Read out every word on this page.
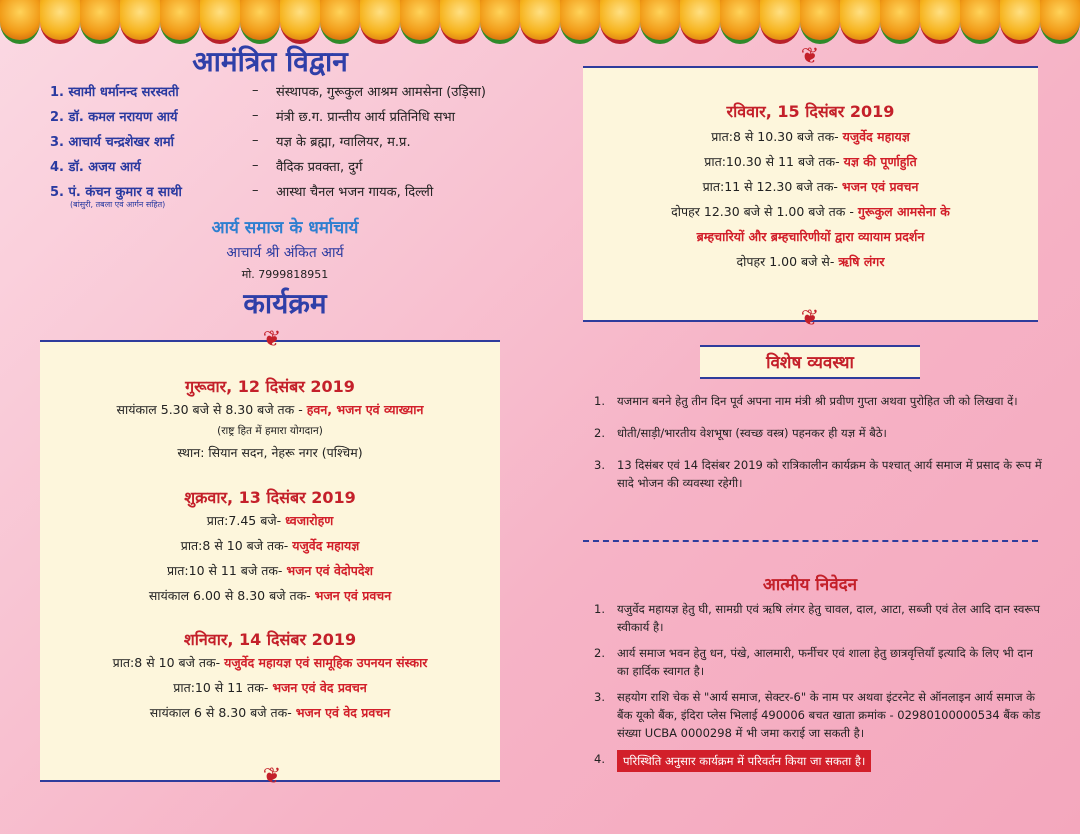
आमंत्रित विद्वान
1. स्वामी धर्मानन्द सरस्वती	–	संस्थापक, गुरूकुल आश्रम आमसेना (उड़िसा)
2. डॉ. कमल नरायण आर्य	–	मंत्री छ.ग. प्रान्तीय आर्य प्रतिनिधि सभा
3. आचार्य चन्द्रशेखर शर्मा	–	यज्ञ के ब्रह्मा, ग्वालियर, म.प्र.
4. डॉ. अजय आर्य	–	वैदिक प्रवक्ता, दुर्ग
5. पं. कंचन कुमार व साथी	–	आस्था चैनल भजन गायक, दिल्ली
(बांसुरी, तबला एवं आर्गन सहित)
आर्य समाज के धर्माचार्य
आचार्य श्री अंकित आर्य
मो. 7999818951
कार्यक्रम
❦
❦
गुरूवार, 12 दिसंबर 2019
सायंकाल 5.30 बजे से 8.30 बजे तक - हवन, भजन एवं व्याख्यान
(राष्ट्र हित में हमारा योगदान)
स्थान: सियान सदन, नेहरू नगर (पश्चिम)
शुक्रवार, 13 दिसंबर 2019
प्रात:7.45 बजे- ध्वजारोहण
प्रात:8 से 10 बजे तक- यजुर्वेद महायज्ञ
प्रात:10 से 11 बजे तक- भजन एवं वेदोपदेश
सायंकाल 6.00 से 8.30 बजे तक- भजन एवं प्रवचन
शनिवार, 14 दिसंबर 2019
प्रात:8 से 10 बजे तक- यजुर्वेद महायज्ञ एवं सामूहिक उपनयन संस्कार
प्रात:10 से 11 तक- भजन एवं वेद प्रवचन
सायंकाल 6 से 8.30 बजे तक- भजन एवं वेद प्रवचन
❦
❦
रविवार, 15 दिसंबर 2019
प्रात:8 से 10.30 बजे तक- यजुर्वेद महायज्ञ
प्रात:10.30 से 11 बजे तक- यज्ञ की पूर्णाहुति
प्रात:11 से 12.30 बजे तक- भजन एवं प्रवचन
दोपहर 12.30 बजे से 1.00 बजे तक - गुरूकुल आमसेना के
ब्रम्हचारियों और ब्रम्हचारिणीयों द्वारा व्यायाम प्रदर्शन
दोपहर 1.00 बजे से- ऋषि लंगर
विशेष व्यवस्था
1.	यजमान बनने हेतु तीन दिन पूर्व अपना नाम मंत्री श्री प्रवीण गुप्ता अथवा पुरोहित जी को लिखवा दें।
2.	धोती/साड़ी/भारतीय वेशभूषा (स्वच्छ वस्त्र) पहनकर ही यज्ञ में बैठे।
3.	13 दिसंबर एवं 14 दिसंबर 2019 को रात्रिकालीन कार्यक्रम के पश्चात् आर्य समाज में प्रसाद के रूप में सादे भोजन की व्यवस्था रहेगी।
आत्मीय निवेदन
1.	यजुर्वेद महायज्ञ हेतु घी, सामग्री एवं ऋषि लंगर हेतु चावल, दाल, आटा, सब्जी एवं तेल आदि दान स्वरूप स्वीकार्य है।
2.	आर्य समाज भवन हेतु धन, पंखे, आलमारी, फर्नीचर एवं शाला हेतु छात्रवृत्तियाँ इत्यादि के लिए भी दान का हार्दिक स्वागत है।
3.	सहयोग राशि चेक से "आर्य समाज, सेक्टर-6" के नाम पर अथवा इंटरनेट से ऑनलाइन आर्य समाज के बैंक यूको बैंक, इंदिरा प्लेस भिलाई 490006 बचत खाता क्रमांक - 02980100000534 बैंक कोड संख्या UCBA 0000298 में भी जमा कराई जा सकती है।
4.	परिस्थिति अनुसार कार्यक्रम में परिवर्तन किया जा सकता है।
